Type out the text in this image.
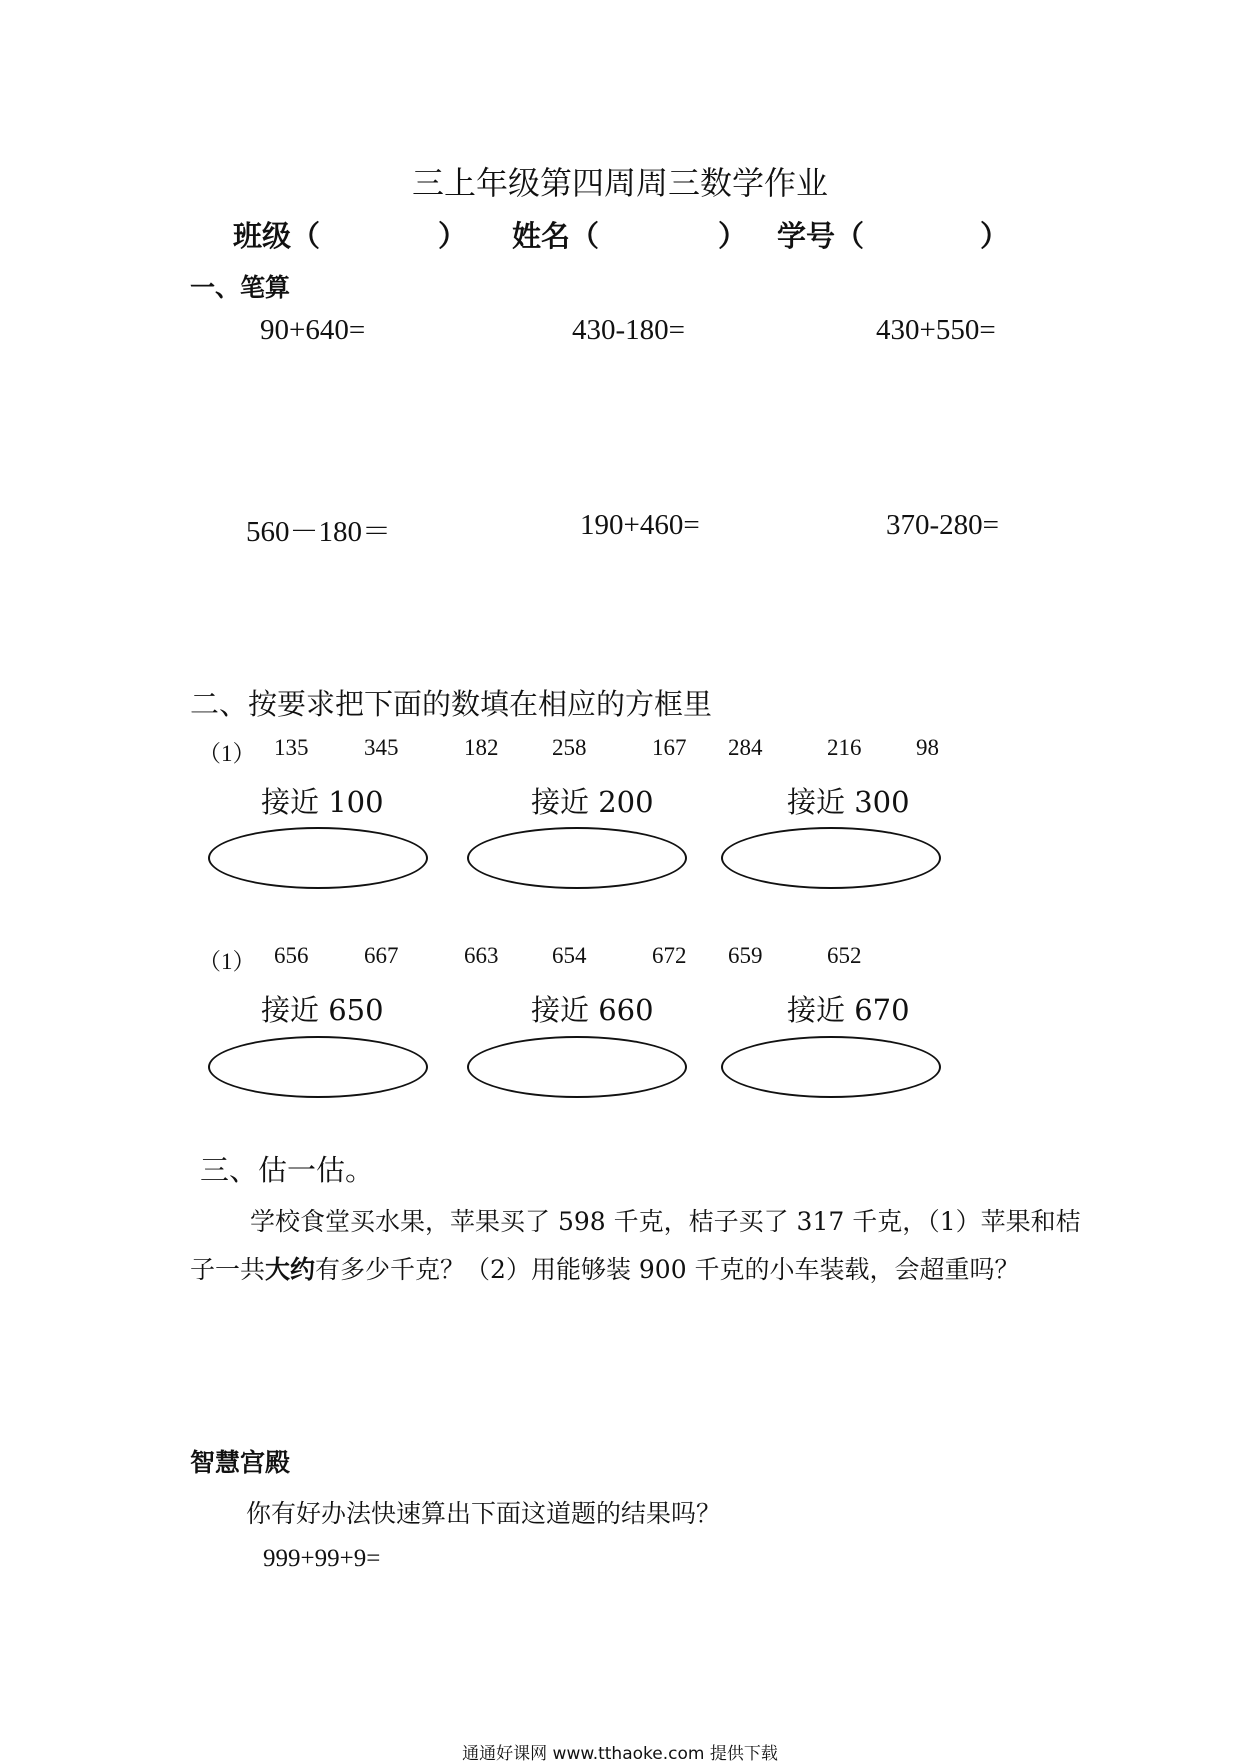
三上年级第四周周三数学作业
班级（	） 姓名（	） 学号（	）
一、笔算
90+640=	430-180=	430+550=
560－180＝	190+460=	370-280=
二、按要求把下面的数填在相应的方框里
（1） 135 345	182 258	167 284	216 98
接近 100	接近 200	接近 300
（1） 656 667	663 654	672 659	652
接近 650	接近 660	接近 670
三、估一估。
学校食堂买水果，苹果买了 598 千克，桔子买了 317 千克，（1）苹果和桔
子一共大约有多少千克？（2）用能够装 900 千克的小车装载，会超重吗？
智慧宫殿
你有好办法快速算出下面这道题的结果吗？
999+99+9=
通通好课网 www.tthaoke.com 提供下载
